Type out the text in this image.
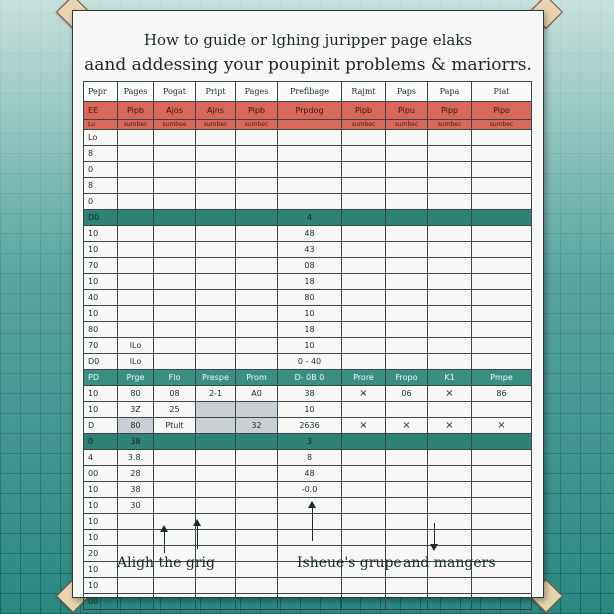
How to guide or lghing juripper page elaks
aand addessing your poupinit problems & mariorrs.
Pepr	Pages	Pogat	Pript	Pages	Prefibage	Rajmt	Paps	Papa	Piat
EE	Pipb	Ajos	Ajns	Pipb	Prpdog	Pipb	Pipu	Pipp	Pipo
Lu	sumbec	sumbee	sumbec	sumbec		sumbec	sumbec	sumbec	sumbec
Lo									
8									
0									
8									
0									
D0					4				
10					48				
10					43				
70					08				
10					18				
40					80				
10					10				
80					18				
70	lLo				10				
D0	lLo				0 - 40				
PD	Prge	Flo	Prespe	Prom	D- 0B 0	Prore	Fropo	K1	Pmpe
10	80	08	2-1	A0	38	×	06	×	86
10	3Z	25			10				
D	80	Ptult		32	2636	×	×	×	×
0	38				3				
4	3.8.				8				
00	28				48				
10	38				-0.0				
10	30								
10									
10									
20									
10									
10									
00									
Aligh the grig	Isheue's grupe and mangers
